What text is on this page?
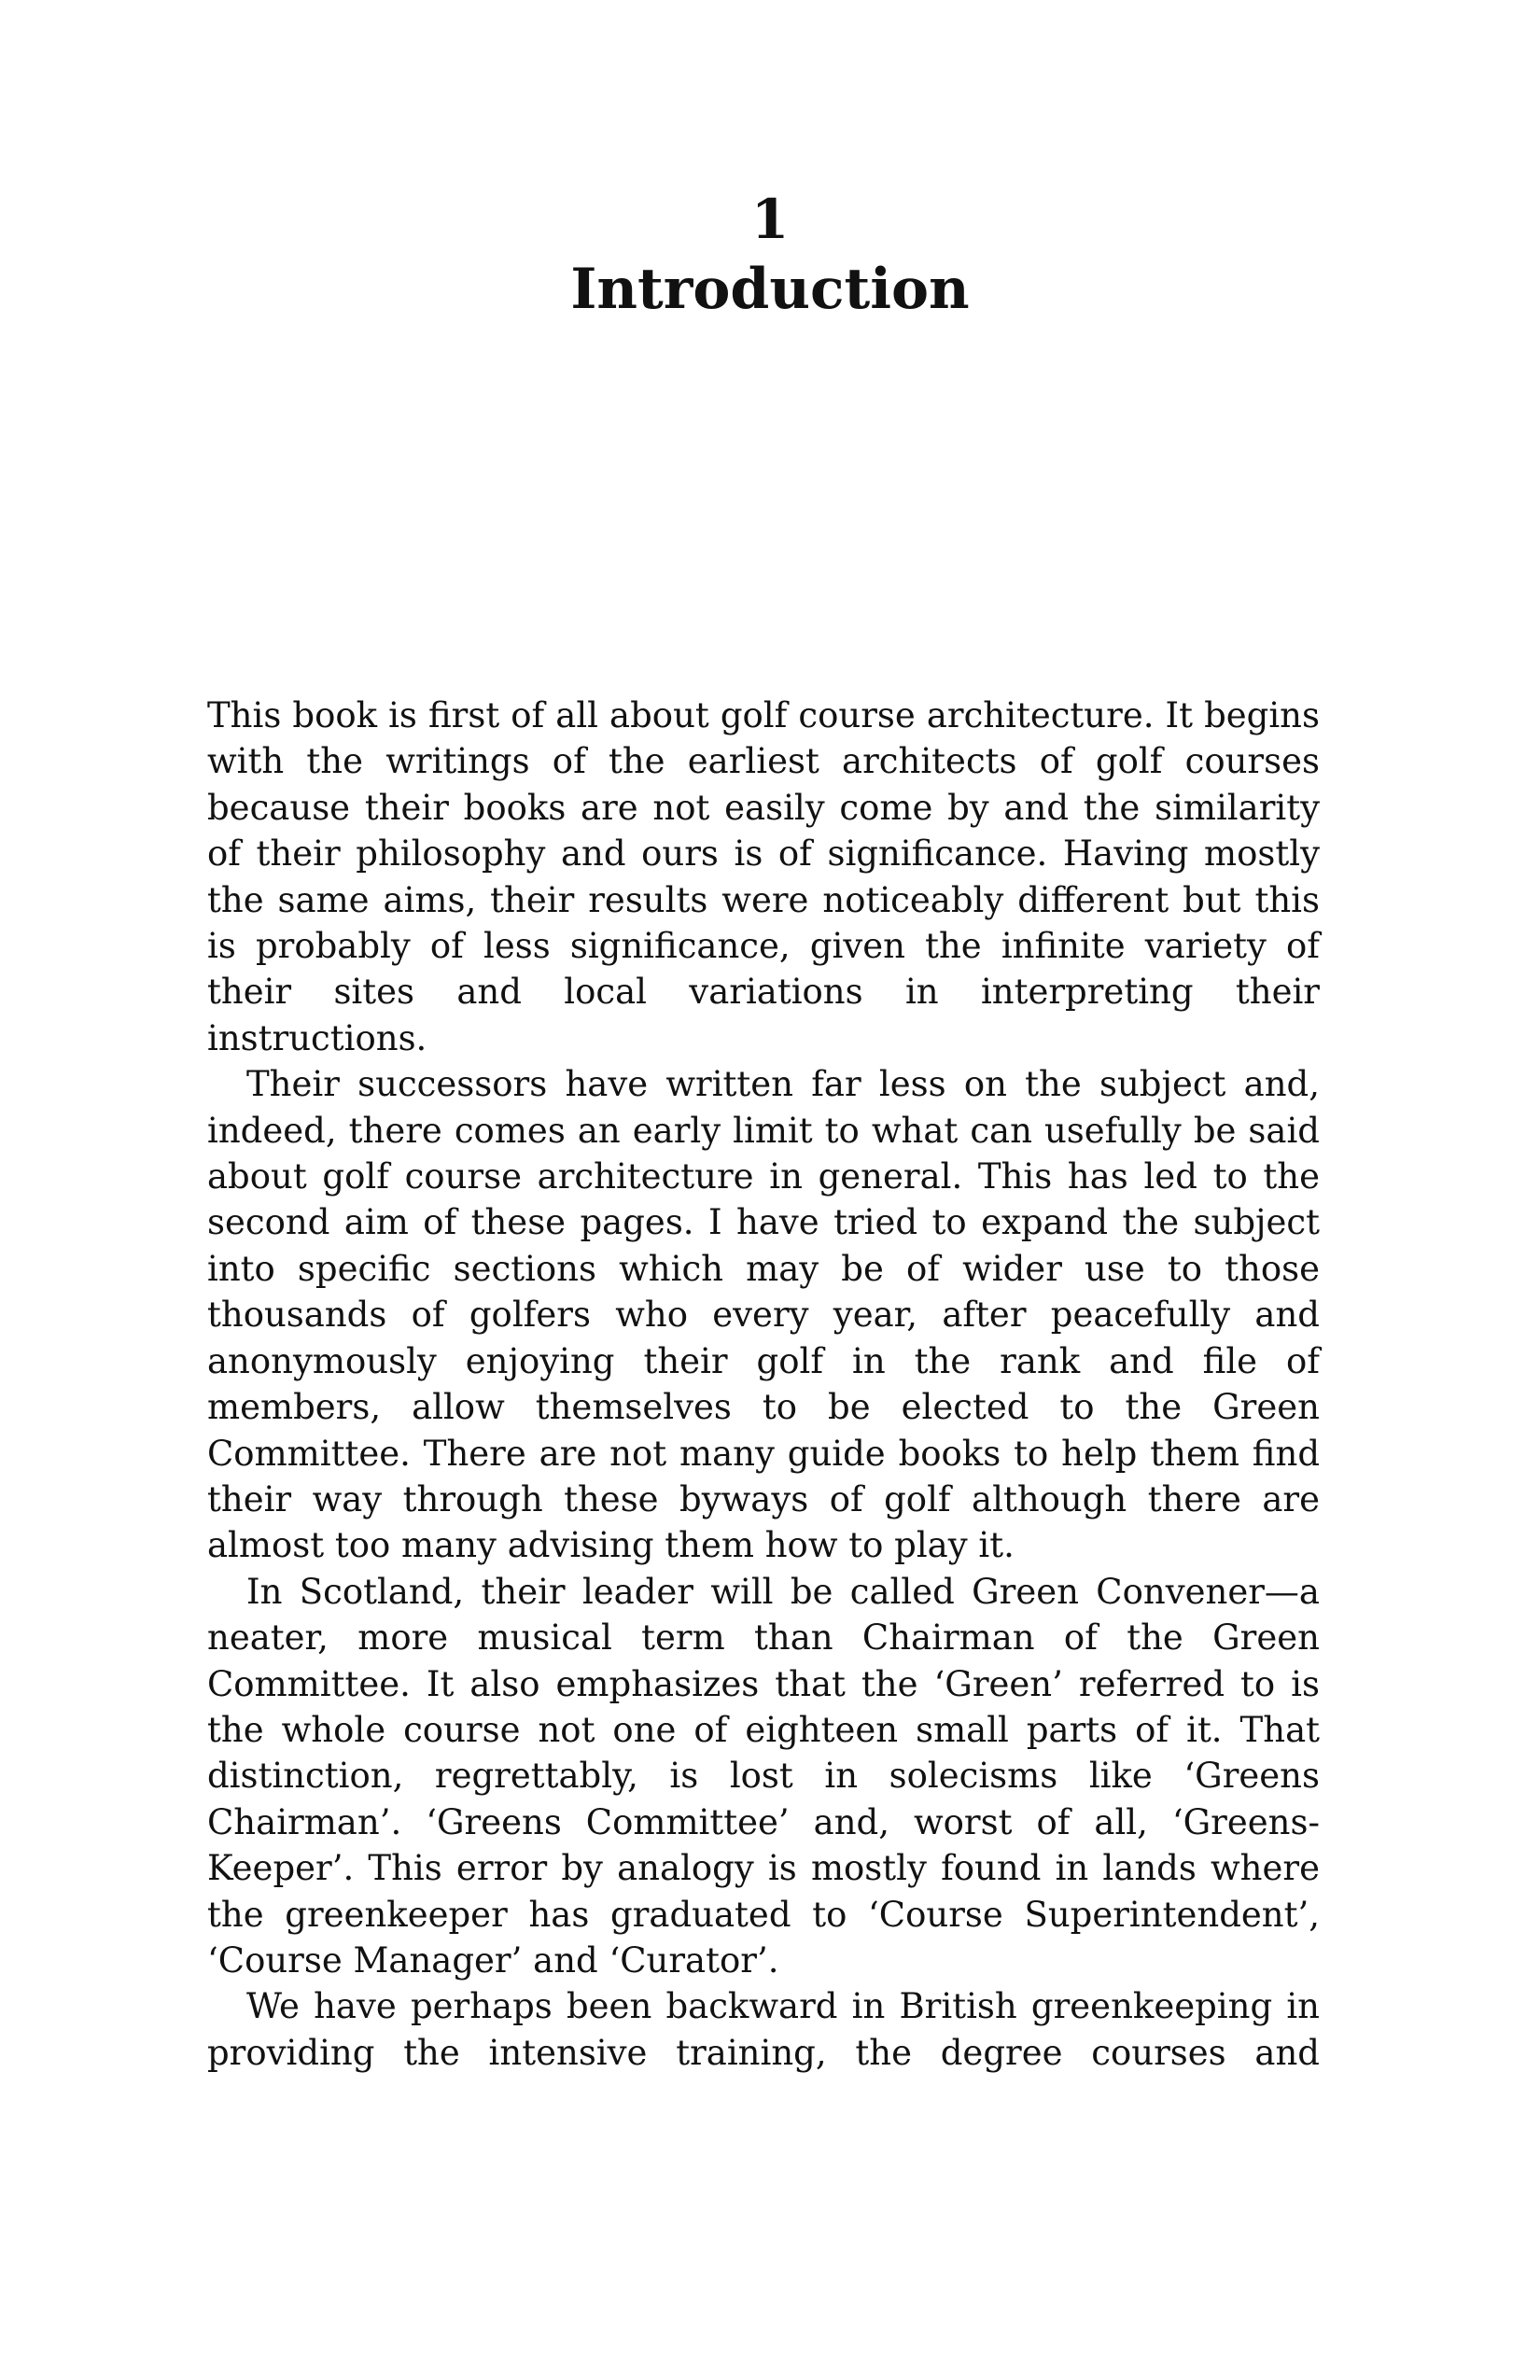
1
Introduction

This book is first of all about golf course architecture. It begins with the writings of the earliest architects of golf courses because their books are not easily come by and the similarity of their philosophy and ours is of significance. Having mostly the same aims, their results were noticeably different but this is probably of less significance, given the infinite variety of their sites and local variations in interpreting their instructions.

Their successors have written far less on the subject and, indeed, there comes an early limit to what can usefully be said about golf course architecture in general. This has led to the second aim of these pages. I have tried to expand the subject into specific sections which may be of wider use to those thousands of golfers who every year, after peacefully and anonymously enjoying their golf in the rank and file of members, allow themselves to be elected to the Green Committee. There are not many guide books to help them find their way through these byways of golf although there are almost too many advising them how to play it.

In Scotland, their leader will be called Green Convener—a neater, more musical term than Chairman of the Green Committee. It also emphasizes that the ‘Green’ referred to is the whole course not one of eighteen small parts of it. That distinction, regrettably, is lost in solecisms like ‘Greens Chairman’. ‘Greens Committee’ and, worst of all, ‘Greens-Keeper’. This error by analogy is mostly found in lands where the greenkeeper has graduated to ‘Course Superintendent’, ‘Course Manager’ and ‘Curator’.

We have perhaps been backward in British greenkeeping in providing the intensive training, the degree courses and
